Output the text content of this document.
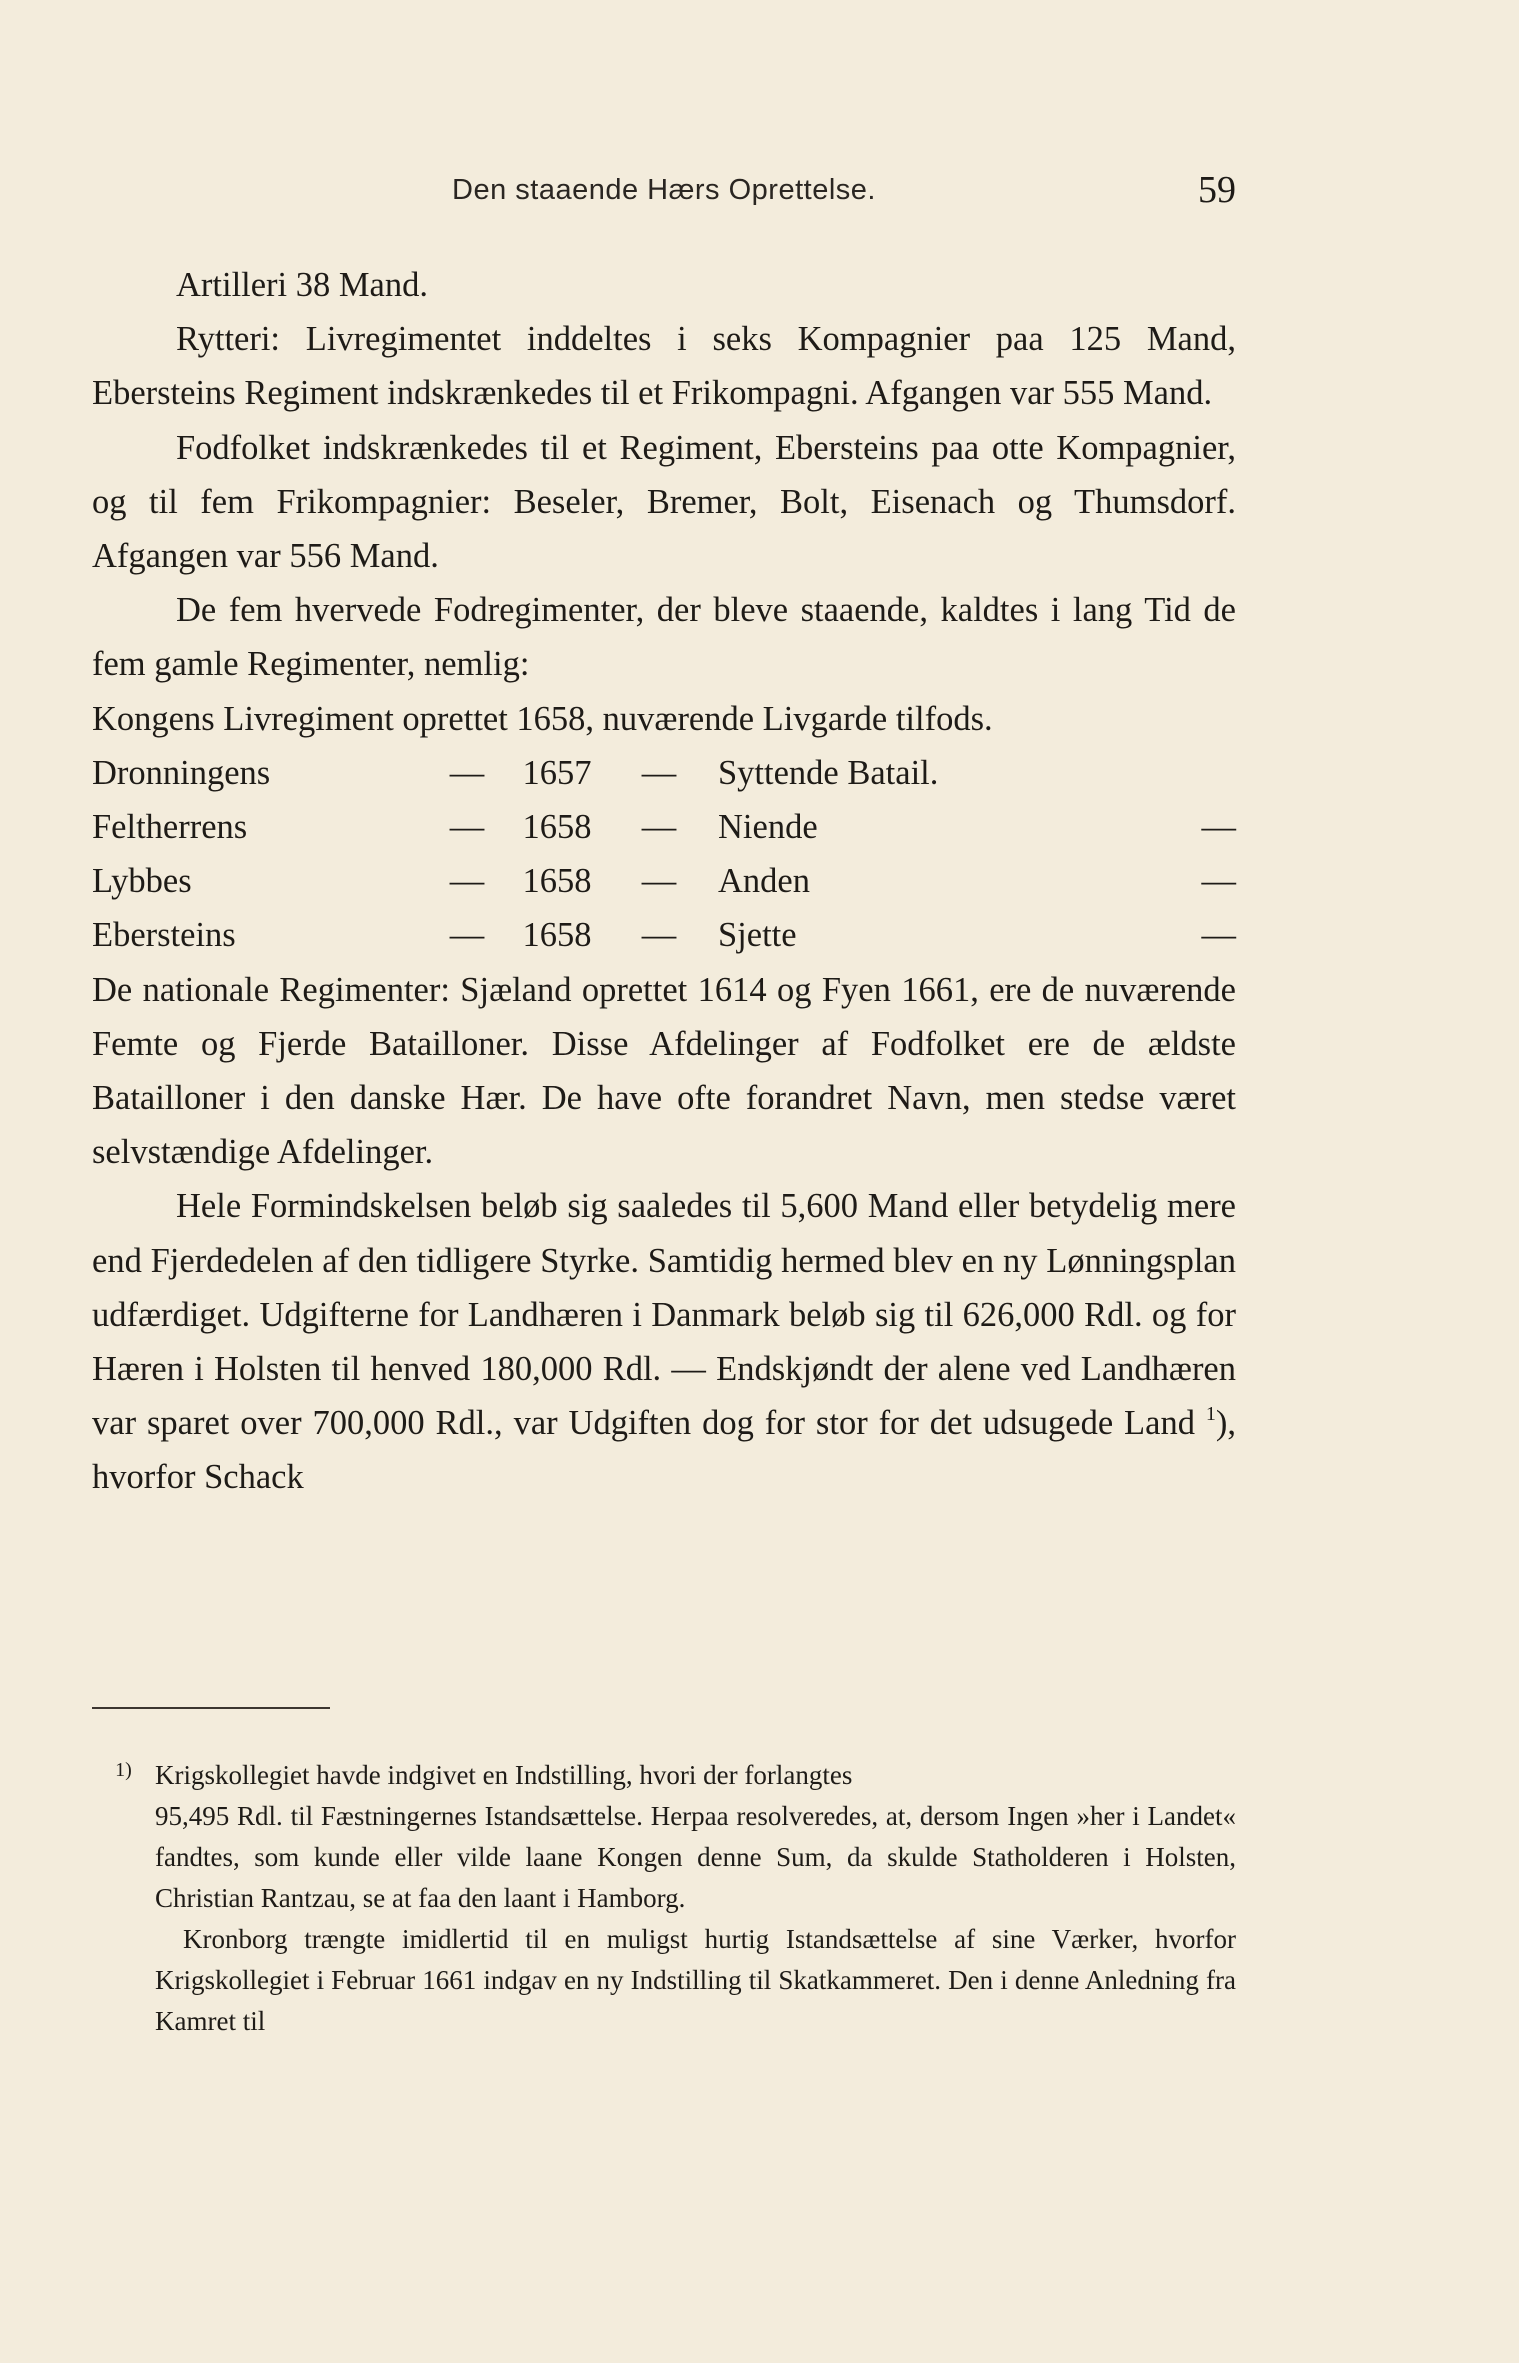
Den staaende Hærs Oprettelse.	59

Artilleri 38 Mand.

Rytteri: Livregimentet inddeltes i seks Kompagnier paa 125 Mand, Ebersteins Regiment indskrænkedes til et Frikompagni. Afgangen var 555 Mand.

Fodfolket indskrænkedes til et Regiment, Ebersteins paa otte Kompagnier, og til fem Frikompagnier: Beseler, Bremer, Bolt, Eisenach og Thumsdorf. Afgangen var 556 Mand.

De fem hvervede Fodregimenter, der bleve staaende, kaldtes i lang Tid de fem gamle Regimenter, nemlig:

Kongens Livregiment oprettet 1658, nuværende Livgarde tilfods.

Dronningens	—	1657	—	Syttende Batail.	
Feltherrens	—	1658	—	Niende	—
Lybbes	—	1658	—	Anden	—
Ebersteins	—	1658	—	Sjette	—

De nationale Regimenter: Sjæland oprettet 1614 og Fyen 1661, ere de nuværende Femte og Fjerde Batailloner. Disse Afdelinger af Fodfolket ere de ældste Batailloner i den danske Hær. De have ofte forandret Navn, men stedse været selvstændige Afdelinger.

Hele Formindskelsen beløb sig saaledes til 5,600 Mand eller betydelig mere end Fjerdedelen af den tidligere Styrke. Samtidig hermed blev en ny Lønningsplan udfærdiget. Udgifterne for Landhæren i Danmark beløb sig til 626,000 Rdl. og for Hæren i Holsten til henved 180,000 Rdl. — Endskjøndt der alene ved Landhæren var sparet over 700,000 Rdl., var Udgiften dog for stor for det udsugede Land $^1$), hvorfor Schack

1) Krigskollegiet havde indgivet en Indstilling, hvori der forlangtes

95,495 Rdl. til Fæstningernes Istandsættelse. Herpaa resolveredes, at, dersom Ingen »her i Landet« fandtes, som kunde eller vilde laane Kongen denne Sum, da skulde Statholderen i Holsten, Christian Rantzau, se at faa den laant i Hamborg.

Kronborg trængte imidlertid til en muligst hurtig Istandsættelse af sine Værker, hvorfor Krigskollegiet i Februar 1661 indgav en ny Indstilling til Skatkammeret. Den i denne Anledning fra Kamret til
